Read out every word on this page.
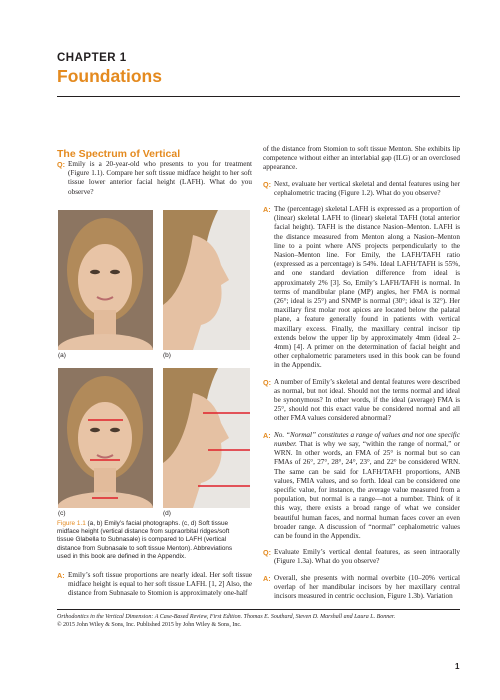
CHAPTER 1
Foundations
The Spectrum of Vertical
Q: Emily is a 20-year-old who presents to you for treatment (Figure 1.1). Compare her soft tissue midface height to her soft tissue lower anterior facial height (LAFH). What do you observe?
(a)	(b)
(c)	(d)
Figure 1.1 (a, b) Emily’s facial photographs. (c, d) Soft tissue midface height (vertical distance from supraorbital ridges/soft tissue Glabella to Subnasale) is compared to LAFH (vertical distance from Subnasale to soft tissue Menton). Abbreviations used in this book are defined in the Appendix.
A: Emily’s soft tissue proportions are nearly ideal. Her soft tissue midface height is equal to her soft tissue LAFH. [1, 2] Also, the distance from Subnasale to Stomion is approximately one-half
of the distance from Stomion to soft tissue Menton. She exhibits lip competence without either an interlabial gap (ILG) or an overclosed appearance.
Q: Next, evaluate her vertical skeletal and dental features using her cephalometric tracing (Figure 1.2). What do you observe?
A: The (percentage) skeletal LAFH is expressed as a proportion of (linear) skeletal LAFH to (linear) skeletal TAFH (total anterior facial height). TAFH is the distance Nasion–Menton. LAFH is the distance measured from Menton along a Nasion–Menton line to a point where ANS projects perpendicularly to the Nasion–Menton line. For Emily, the LAFH/TAFH ratio (expressed as a percentage) is 54%. Ideal LAFH/TAFH is 55%, and one standard deviation difference from ideal is approximately 2% [3]. So, Emily’s LAFH/TAFH is normal. In terms of mandibular plane (MP) angles, her FMA is normal (26°; ideal is 25°) and SNMP is normal (30°; ideal is 32°). Her maxillary first molar root apices are located below the palatal plane, a feature generally found in patients with vertical maxillary excess. Finally, the maxillary central incisor tip extends below the upper lip by approximately 4mm (ideal 2–4mm) [4]. A primer on the determination of facial height and other cephalometric parameters used in this book can be found in the Appendix.
Q: A number of Emily’s skeletal and dental features were described as normal, but not ideal. Should not the terms normal and ideal be synonymous? In other words, if the ideal (average) FMA is 25°, should not this exact value be considered normal and all other FMA values considered abnormal?
A: No. “Normal” constitutes a range of values and not one specific number. That is why we say, “within the range of normal,” or WRN. In other words, an FMA of 25° is normal but so can FMAs of 26°, 27°, 28°, 24°, 23°, and 22° be considered WRN. The same can be said for LAFH/TAFH proportions, ANB values, FMIA values, and so forth. Ideal can be considered one specific value, for instance, the average value measured from a population, but normal is a range—not a number. Think of it this way, there exists a broad range of what we consider beautiful human faces, and normal human faces cover an even broader range. A discussion of “normal” cephalometric values can be found in the Appendix.
Q: Evaluate Emily’s vertical dental features, as seen intraorally (Figure 1.3a). What do you observe?
A: Overall, she presents with normal overbite (10–20% vertical overlap of her mandibular incisors by her maxillary central incisors measured in centric occlusion, Figure 1.3b). Variation
Orthodontics in the Vertical Dimension: A Case-Based Review, First Edition. Thomas E. Southard, Steven D. Marshall and Laura L. Bonner.
© 2015 John Wiley & Sons, Inc. Published 2015 by John Wiley & Sons, Inc.
1
